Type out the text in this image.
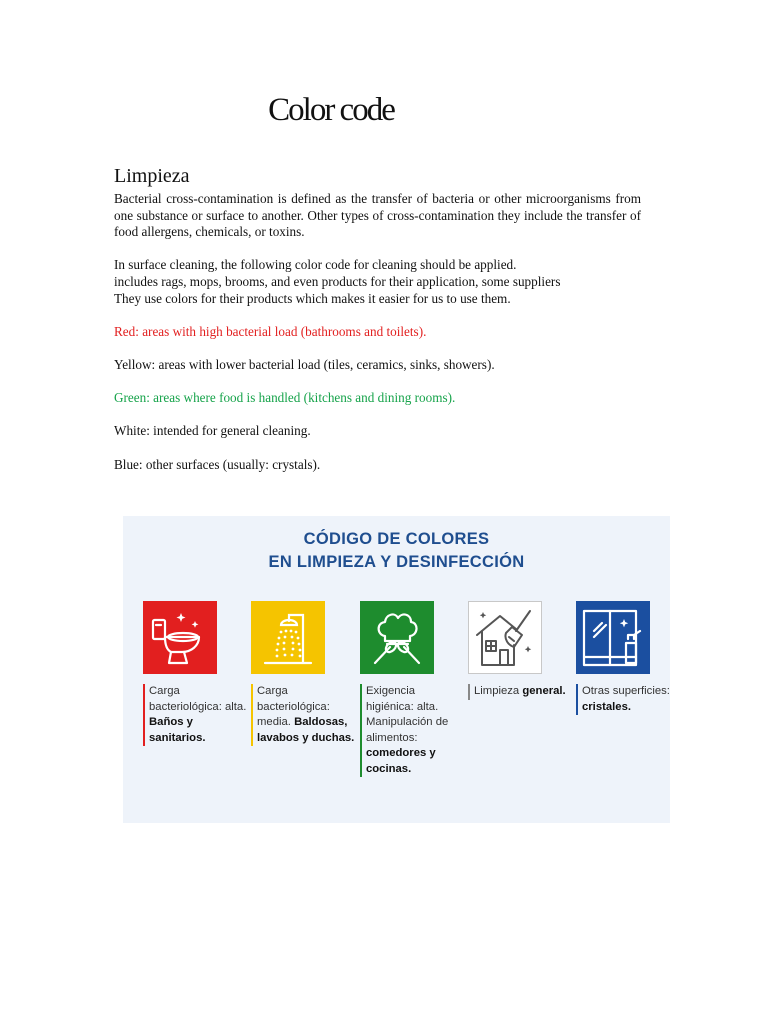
Color code
Limpieza

Bacterial cross-contamination is defined as the transfer of bacteria or other microorganisms from one substance or surface to another. Other types of cross-contamination they include the transfer of food allergens, chemicals, or toxins.

In surface cleaning, the following color code for cleaning should be applied.

includes rags, mops, brooms, and even products for their application, some suppliers

They use colors for their products which makes it easier for us to use them.

Red: areas with high bacterial load (bathrooms and toilets).

Yellow: areas with lower bacterial load (tiles, ceramics, sinks, showers).

Green: areas where food is handled (kitchens and dining rooms).

White: intended for general cleaning.

Blue: other surfaces (usually: crystals).

CÓDIGO DE COLORES
EN LIMPIEZA Y DESINFECCIÓN
Carga bacteriológica: alta. Baños y sanitarios.
Carga bacteriológica: media. Baldosas, lavabos y duchas.
Exigencia higiénica: alta. Manipulación de alimentos: comedores y cocinas.
Limpieza general.	Otras superficies: cristales.
